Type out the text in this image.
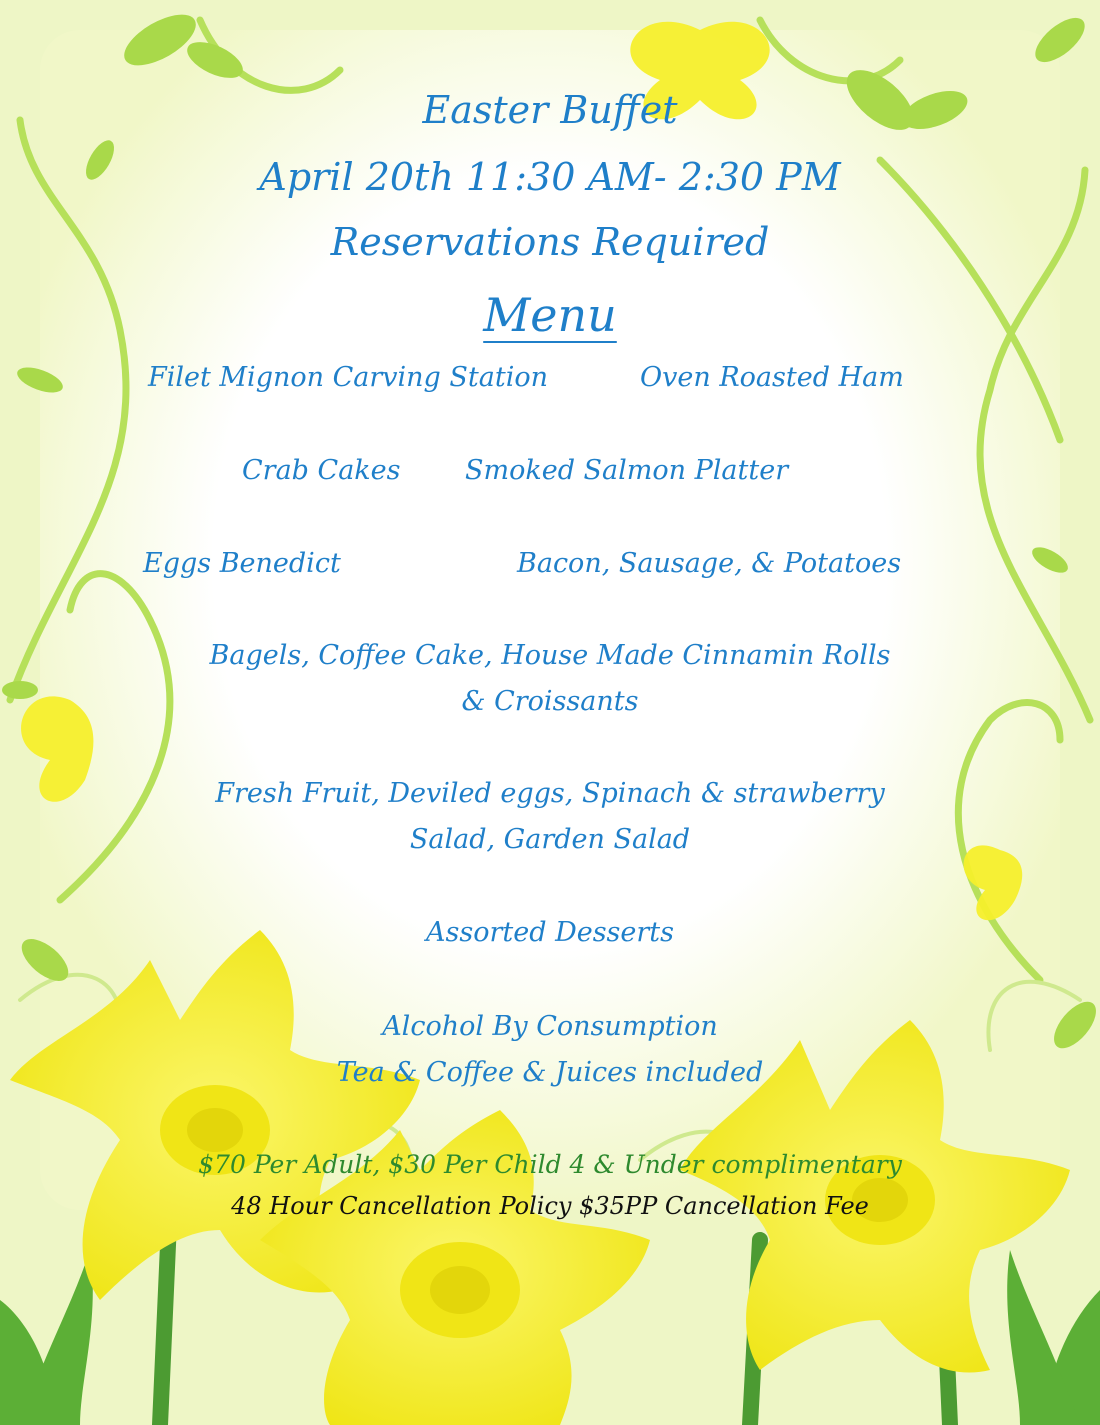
Easter Buffet
April 20th 11:30 AM- 2:30 PM
Reservations Required
Menu
Filet Mignon Carving Station	Oven Roasted Ham
Crab Cakes Smoked Salmon Platter
Eggs Benedict	Bacon, Sausage, & Potatoes
Bagels, Coffee Cake, House Made Cinnamin Rolls
& Croissants
Fresh Fruit, Deviled eggs, Spinach & strawberry
Salad, Garden Salad
Assorted Desserts
Alcohol By Consumption
Tea & Coffee & Juices included
$70 Per Adult, $30 Per Child 4 & Under complimentary
48 Hour Cancellation Policy $35PP Cancellation Fee
